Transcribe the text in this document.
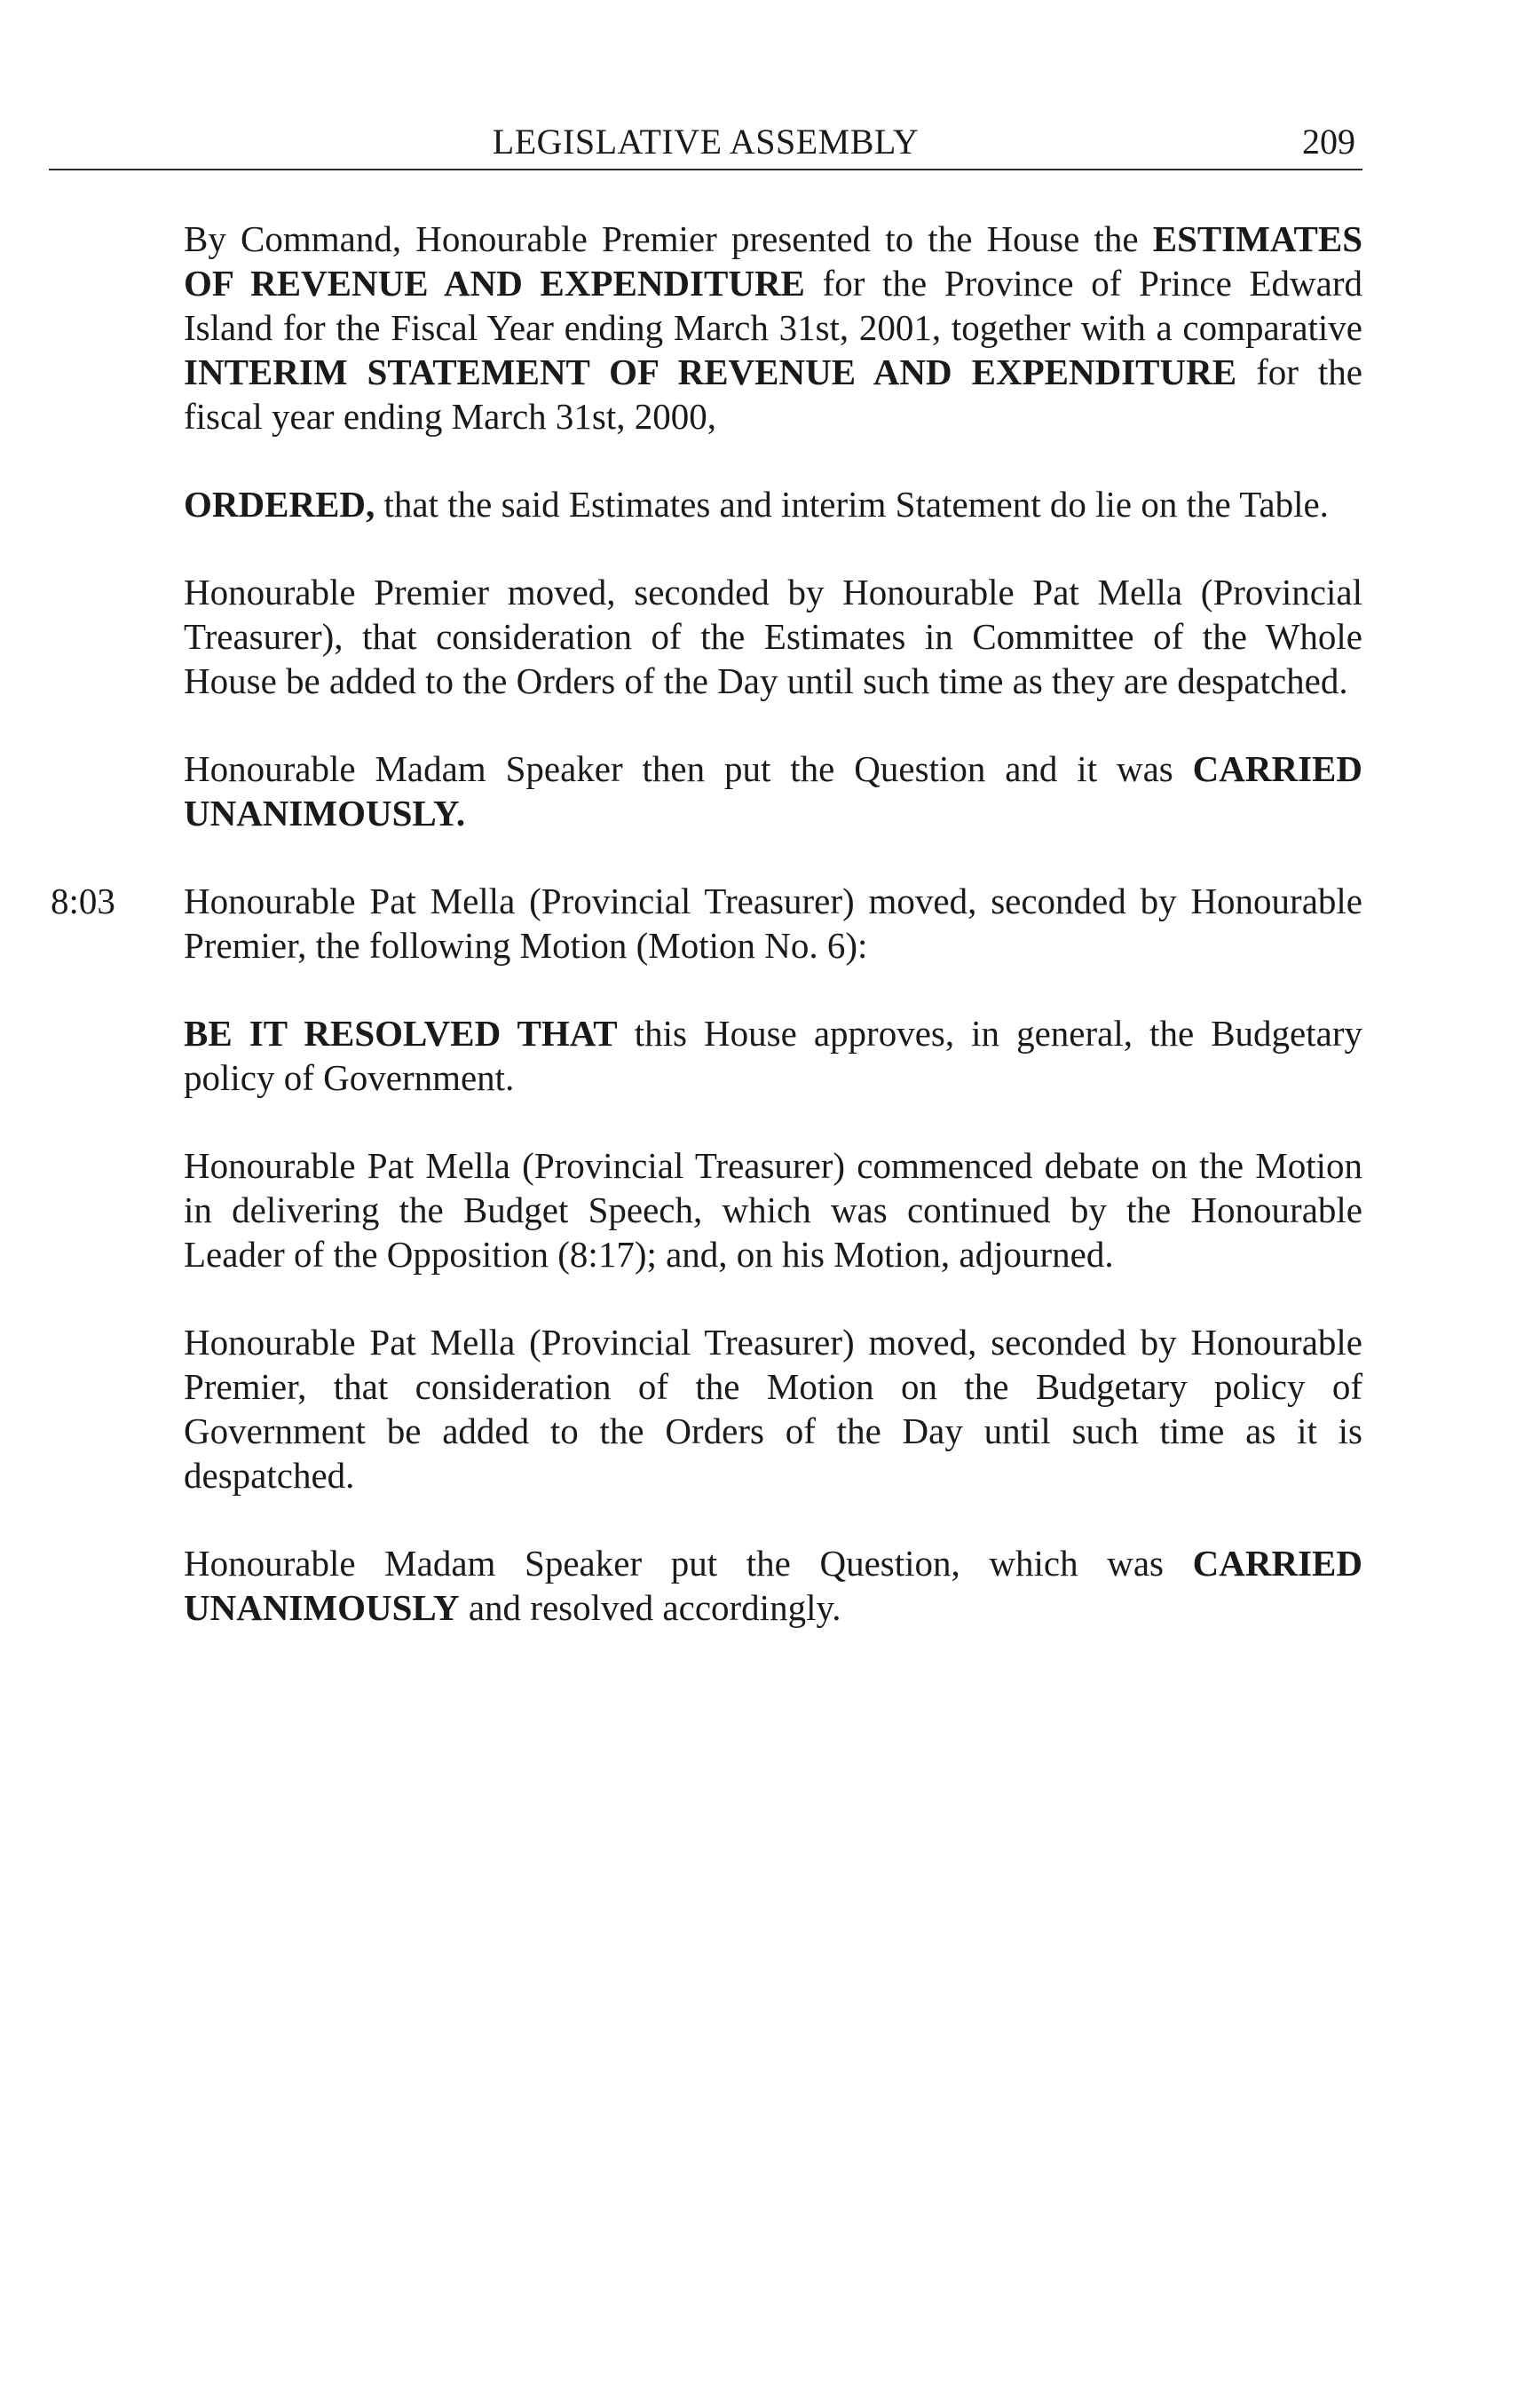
LEGISLATIVE ASSEMBLY	209

By Command, Honourable Premier presented to the House the ESTIMATES OF REVENUE AND EXPENDITURE for the Province of Prince Edward Island for the Fiscal Year ending March 31st, 2001, together with a comparative INTERIM STATEMENT OF REVENUE AND EXPENDITURE for the fiscal year ending March 31st, 2000,

ORDERED, that the said Estimates and interim Statement do lie on the Table.

Honourable Premier moved, seconded by Honourable Pat Mella (Provincial Treasurer), that consideration of the Estimates in Committee of the Whole House be added to the Orders of the Day until such time as they are despatched.

Honourable Madam Speaker then put the Question and it was CARRIED UNANIMOUSLY.

8:03	Honourable Pat Mella (Provincial Treasurer) moved, seconded by Honourable Premier, the following Motion (Motion No. 6):

BE IT RESOLVED THAT this House approves, in general, the Budgetary policy of Government.

Honourable Pat Mella (Provincial Treasurer) commenced debate on the Motion in delivering the Budget Speech, which was continued by the Honourable Leader of the Opposition (8:17); and, on his Motion, adjourned.

Honourable Pat Mella (Provincial Treasurer) moved, seconded by Honourable Premier, that consideration of the Motion on the Budgetary policy of Government be added to the Orders of the Day until such time as it is despatched.

Honourable Madam Speaker put the Question, which was CARRIED UNANIMOUSLY and resolved accordingly.
